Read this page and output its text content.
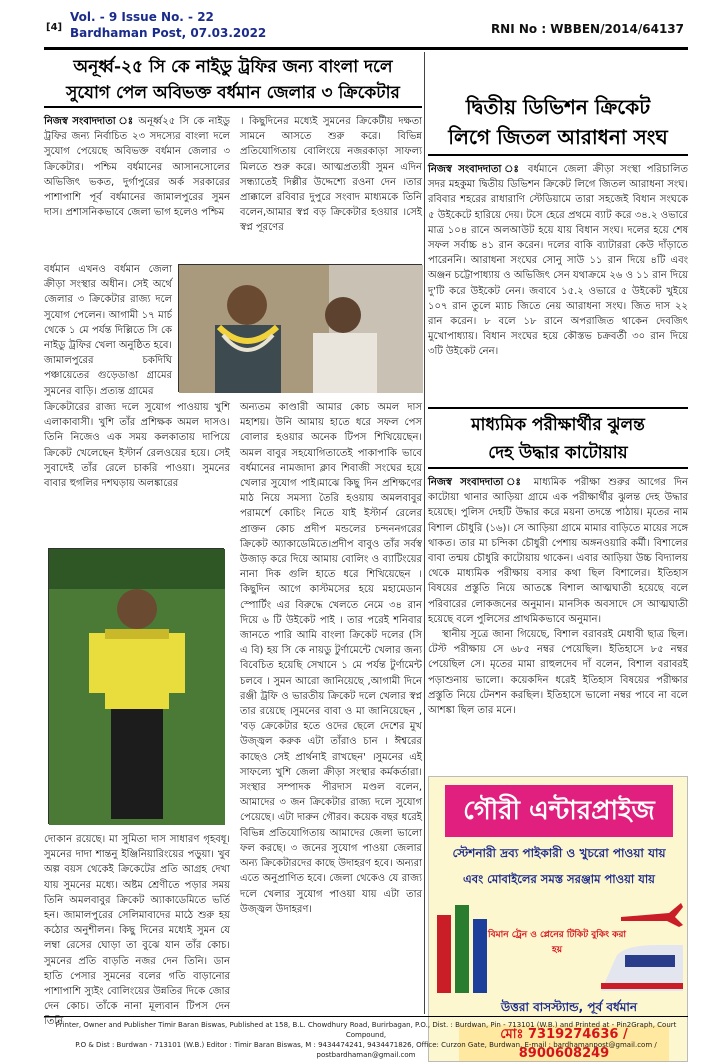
[4]
Vol. - 9 Issue No. - 22
Bardhaman Post, 07.03.2022	RNI No : WBBEN/2014/64137
অনূর্ধ্ব-২৫ সি কে নাইডু ট্রফির জন্য বাংলা দলে
সুযোগ পেল অবিভক্ত বর্ধমান জেলার ৩ ক্রিকেটার
নিজস্ব সংবাদদাতা ঃ অনূর্ধ্ব২৫ সি কে নাইডু ট্রফির জন্য নির্বাচিত ২৩ সদস্যের বাংলা দলে সুযোগ পেয়েছে অবিভক্ত বর্ধমান জেলার ৩ ক্রিকেটার। পশ্চিম বর্ধমানের আসানসোলের অভিজিৎ ভকত, দুর্গাপুরের অর্ক সরকারের পাশাপাশি পূর্ব বর্ধমানের জামালপুরের সুমন দাস। প্রশাসনিকভাবে জেলা ভাগ হলেও পশ্চিম
। কিছুদিনের মধ্যেই সুমনের ক্রিকেটীয় দক্ষতা সামনে আসতে শুরু করে। বিভিন্ন প্রতিযোগিতায় বোলিংয়ে নজরকাড়া সাফল্য মিলতে শুরু করে। আত্মপ্রত্যয়ী সুমন এদিন সন্ধ্যাতেই দিল্লীর উদ্দেশ্যে রওনা দেন ।তার প্রাক্কালে রবিবার দুপুরে সংবাদ মাধ্যমকে তিনি বলেন,আমার স্বপ্ন বড় ক্রিকেটার হওয়ার ।সেই স্বপ্ন পূরণের
বর্ধমান এখনও বর্ধমান জেলা ক্রীড়া সংস্থার অধীন। সেই অর্থে জেলার ৩ ক্রিকেটার রাজ্য দলে সুযোগ পেলেন। আগামী ১৭ মার্চ থেকে ১ মে পর্যন্ত দিল্লিতে সি কে নাইডু ট্রফির খেলা অনুষ্ঠিত হবে। জামালপুরের চকদিঘি পঞ্চায়েতের গুড়েডাঙা গ্রামের সুমনের বাড়ি। প্রত্যন্ত গ্রামের
ক্রিকেটারের রাজ্য দলে সুযোগ পাওয়ায় খুশি এলাকাবাসী। খুশি তাঁর প্রশিক্ষক অমল দাসও। তিনি নিজেও এক সময় কলকাতায় দাপিয়ে ক্রিকেট খেলেছেন ইস্টার্ন রেলওয়ের হয়ে। সেই সুবাদেই তাঁর রেলে চাকরি পাওয়া। সুমনের বাবার হুগলির দশঘড়ায় অলঙ্কারের
দোকান রয়েছে। মা সুমিতা দাস সাধারণ গৃহবধূ। সুমনের দাদা শান্তনু ইঞ্জিনিয়ারিংয়ের পড়ুয়া। খুব অল্প বয়স থেকেই ক্রিকেটের প্রতি আগ্রহ দেখা যায় সুমনের মধ্যে। অষ্টম শ্রেণীতে পড়ার সময় তিনি অমলবাবুর ক্রিকেট অ্যাকাডেমিতে ভর্তি হন। জামালপুরের সেলিমাবাদের মাঠে শুরু হয় কঠোর অনুশীলন। কিছু দিনের মধ্যেই সুমন যে লম্বা রেসের ঘোড়া তা বুঝে যান তাঁর কোচ। সুমনের প্রতি বাড়তি নজর দেন তিনি। ডান হাতি পেসার সুমনের বলের গতি বাড়ানোর পাশাপাশি স্যুইং বোলিংয়ের উন্নতির দিকে জোর দেন কোচ। তাঁকে নানা মূল্যবান টিপস দেন তিনি
অন্যতম কাণ্ডারী আমার কোচ অমল দাস মহাশয়। উনি আমায় হাতে ধরে সফল পেস বোলার হওয়ার অনেক টিপস শিখিয়েছেন। অমল বাবুর সহযোগিতাতেই পাকাপাকি ভাবে বর্ধমানের নামজাদা ক্লাব শিবাজী সংঘের হয়ে খেলার সুযোগ পাই।মাঝে কিছু দিন প্রশিক্ষণের মাঠ নিয়ে সমস্যা তৈরি হওয়ায় অমলবাবুর পরামর্শে কোচিং নিতে যাই ইস্টার্ন রেলের প্রাক্তন কোচ প্রদীপ মন্ডলের চন্দননগরের ক্রিকেট অ্যাকাডেমিতে।প্রদীপ বাবুও তাঁর সর্বস্ব উজাড় করে দিয়ে আমায় বোলিং ও ব্যাটিংয়ের নানা দিক গুলি হাতে ধরে শিখিয়েছেন । কিছুদিন আগে কাস্টমসের হয়ে মহামেডান স্পোর্টিং এর বিরুদ্ধে খেলতে নেমে ৩৪ রান দিয়ে ৬ টি উইকেট পাই । তার পরেই শনিবার জানতে পারি আমি বাংলা ক্রিকেট দলের (সি এ বি) হয় সি কে নায়ডু টুর্ণামেন্টে খেলার জন্য বিবেচিত হয়েছি সেখানে ১ মে পর্যন্ত টুর্ণামেন্ট চলবে । সুমন আরো জানিয়েছে ,আগামী দিনে রঞ্জী ট্রফি ও ভারতীয় ক্রিকেট দলে খেলার স্বপ্ন তার রয়েছে ।সুমনের বাবা ও মা জানিয়েছেন , 'বড় ক্রেকেটার হতে ওদের ছেলে দেশের মুখ উজ্জ্বল করুক এটা তাঁরাও চান । ঈশ্বরের কাছেও সেই প্রার্থনাই রাখছেন' ।সুমনের এই সাফল্যে খুশি জেলা ক্রীড়া সংস্থার কর্মকর্তারা। সংস্থার সম্পাদক পীরদাস মণ্ডল বলেন, আমাদের ৩ জন ক্রিকেটার রাজ্য দলে সুযোগ পেয়েছে। এটা দারুন গৌরব। কয়েক বছর ধরেই বিভিন্ন প্রতিযোগিতায় আমাদের জেলা ভালো ফল করছে। ৩ জনের সুযোগ পাওয়া জেলার অন্য ক্রিকেটারদের কাছে উদাহরণ হবে। অন্যরা এতে অনুপ্রাণিত হবে। জেলা থেকেও যে রাজ্য দলে খেলার সুযোগ পাওয়া যায় এটা তার উজ্জ্বল উদাহরণ।
দ্বিতীয় ডিভিশন ক্রিকেট
লিগে জিতল আরাধনা সংঘ
নিজস্ব সংবাদদাতা ঃ বর্ধমানে জেলা ক্রীড়া সংস্থা পরিচালিত সদর মহকুমা দ্বিতীয় ডিভিশন ক্রিকেট লিগে জিতল আরাধনা সংঘ। রবিবার শহরের রাধারাণি স্টেডিয়ামে তারা সহজেই বিধান সংঘকে ৫ উইকেটে হারিয়ে দেয়। টসে হেরে প্রথমে ব্যাট করে ৩৪.২ ওভারে মাত্র ১০৪ রানে অলআউট হয়ে যায় বিধান সংঘ। দলের হয়ে শেষ সফল সর্বাচ্চ ৪১ রান করেন। দলের বাকি ব্যাটাররা কেউ দাঁড়াতে পারেননি। আরাধনা সংঘের সোনু সাউ ১১ রান দিয়ে ৪টি এবং অঞ্জন চট্টোপাধ্যায় ও অভিজিৎ সেন যথাক্রমে ২৬ ও ১১ রান দিয়ে দু'টি করে উইকেট নেন। জবাবে ১৫.২ ওভারে ৫ উইকেট খুইয়ে ১০৭ রান তুলে ম্যাচ জিতে নেয় আরাধনা সংঘ। জিত দাস ২২ রান করেন। ৮ বলে ১৮ রানে অপরাজিত থাকেন দেবজিৎ মুখোপাধ্যায়। বিধান সংঘের হয়ে কৌস্তভ চক্রবর্তী ৩০ রান দিয়ে ৩টি উইকেট নেন।
মাধ্যমিক পরীক্ষার্থীর ঝুলন্ত
দেহ উদ্ধার কাটোয়ায়
নিজস্ব সংবাদদাতা ঃ মাধ্যমিক পরীক্ষা শুরুর আগের দিন কাটোয়া থানার আড়িয়া গ্রামে এক পরীক্ষার্থীর ঝুলন্ত দেহ উদ্ধার হয়েছে। পুলিস দেহটি উদ্ধার করে ময়না তদন্তে পাঠায়। মৃতের নাম বিশাল চৌধুরি (১৬)। সে আড়িয়া গ্রামে মামার বাড়িতে মায়ের সঙ্গে থাকত। তার মা চন্দিকা চৌধুরী পেশায় অঙ্গনওয়ারি কর্মী। বিশালের বাবা তন্ময় চৌধুরি কাটোয়ায় থাকেন। এবার আড়িয়া উচ্চ বিদ্যালয় থেকে মাধ্যমিক পরীক্ষায় বসার কথা ছিল বিশালের। ইতিহাস বিষয়ের প্রস্তুতি নিয়ে আতঙ্কে বিশাল আত্মঘাতী হয়েছে বলে পরিবারের লোকজনের অনুমান। মানসিক অবসাদে সে আত্মঘাতী হয়েছে বলে পুলিসের প্রাথমিকভাবে অনুমান।
স্থানীয় সূত্রে জানা গিয়েছে, বিশাল বরাবরই মেধাবী ছাত্র ছিল। টেস্ট পরীক্ষায় সে ৬৮৫ নম্বর পেয়েছিল। ইতিহাসে ৮৫ নম্বর পেয়েছিল সে। মৃতের মামা রাহুলদেব দাঁ বলেন, বিশাল বরাবরই পড়াশুনায় ভালো। কয়েকদিন ধরেই ইতিহাস বিষয়ের পরীক্ষার প্রস্তুতি নিয়ে টেনশন করছিল। ইতিহাসে ভালো নম্বর পাবে না বলে আশঙ্কা ছিল তার মনে।
গৌরী এন্টারপ্রাইজ
স্টেশনারী দ্রব্য পাইকারী ও খুচরো পাওয়া যায়
এবং মোবাইলের সমস্ত সরঞ্জাম পাওয়া যায়
বিমান ট্রেন ও প্লেনের টিকিট বুকিং করা হয়
উত্তরা বাসস্ট্যান্ড, পূর্ব বর্ধমান
মোঃ 7319274636 / 8900608249
Printer, Owner and Publisher Timir Baran Biswas, Published at 158, B.L. Chowdhury Road, Burirbagan, P.O., Dist. : Burdwan, Pin - 713101 (W.B.) and Printed at - Pin2Graph, Court Compound,
P.O & Dist : Burdwan - 713101 (W.B.) Editor : Timir Baran Biswas, M : 9434474241, 9434471826, Office: Curzon Gate, Burdwan, E-mail : bardhamanpost@gmail.com / postbardhaman@gmail.com
